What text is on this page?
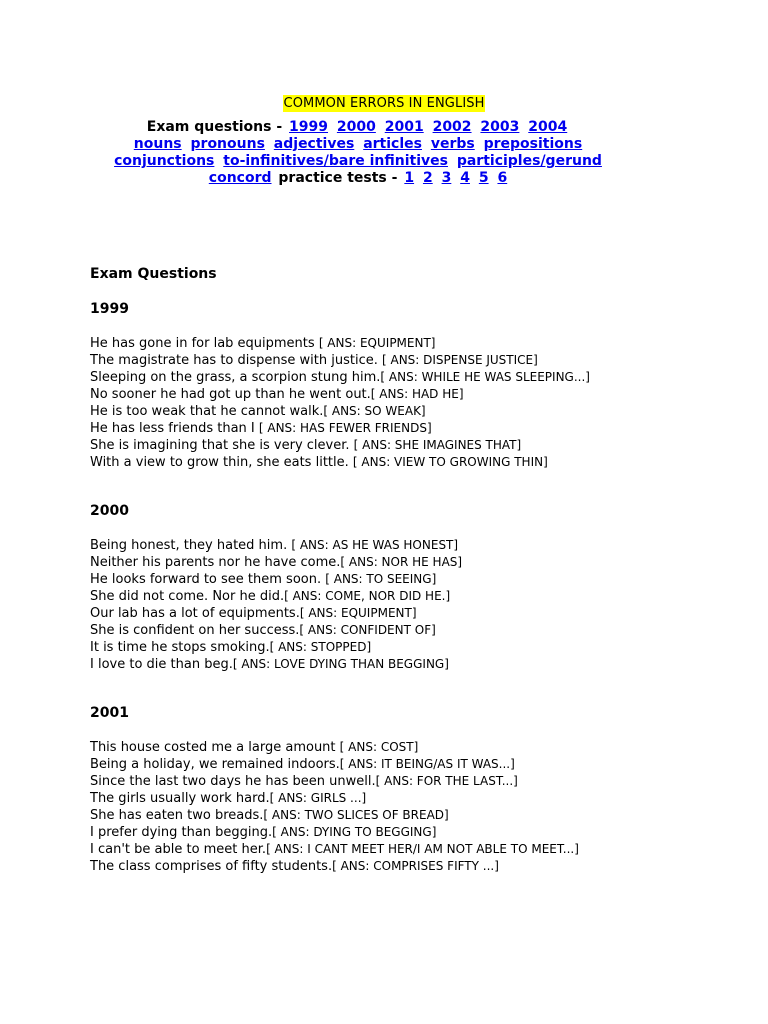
COMMON ERRORS IN ENGLISH
Exam questions - 1999 2000 2001 2002 2003 2004
nouns pronouns adjectives articles verbs prepositions
conjunctions to-infinitives/bare infinitives participles/gerund
concord practice tests - 1 2 3 4 5 6
Exam Questions
1999
He has gone in for lab equipments [ ANS: EQUIPMENT]
The magistrate has to dispense with justice. [ ANS: DISPENSE JUSTICE]
Sleeping on the grass, a scorpion stung him.[ ANS: WHILE HE WAS SLEEPING...]
No sooner he had got up than he went out.[ ANS: HAD HE]
He is too weak that he cannot walk.[ ANS: SO WEAK]
He has less friends than I [ ANS: HAS FEWER FRIENDS]
She is imagining that she is very clever. [ ANS: SHE IMAGINES THAT]
With a view to grow thin, she eats little. [ ANS: VIEW TO GROWING THIN]
2000
Being honest, they hated him. [ ANS: AS HE WAS HONEST]
Neither his parents nor he have come.[ ANS: NOR HE HAS]
He looks forward to see them soon. [ ANS: TO SEEING]
She did not come. Nor he did.[ ANS: COME, NOR DID HE.]
Our lab has a lot of equipments.[ ANS: EQUIPMENT]
She is confident on her success.[ ANS: CONFIDENT OF]
It is time he stops smoking.[ ANS: STOPPED]
I love to die than beg.[ ANS: LOVE DYING THAN BEGGING]
2001
This house costed me a large amount [ ANS: COST]
Being a holiday, we remained indoors.[ ANS: IT BEING/AS IT WAS...]
Since the last two days he has been unwell.[ ANS: FOR THE LAST...]
The girls usually work hard.[ ANS: GIRLS ...]
She has eaten two breads.[ ANS: TWO SLICES OF BREAD]
I prefer dying than begging.[ ANS: DYING TO BEGGING]
I can't be able to meet her.[ ANS: I CANT MEET HER/I AM NOT ABLE TO MEET...]
The class comprises of fifty students.[ ANS: COMPRISES FIFTY ...]
